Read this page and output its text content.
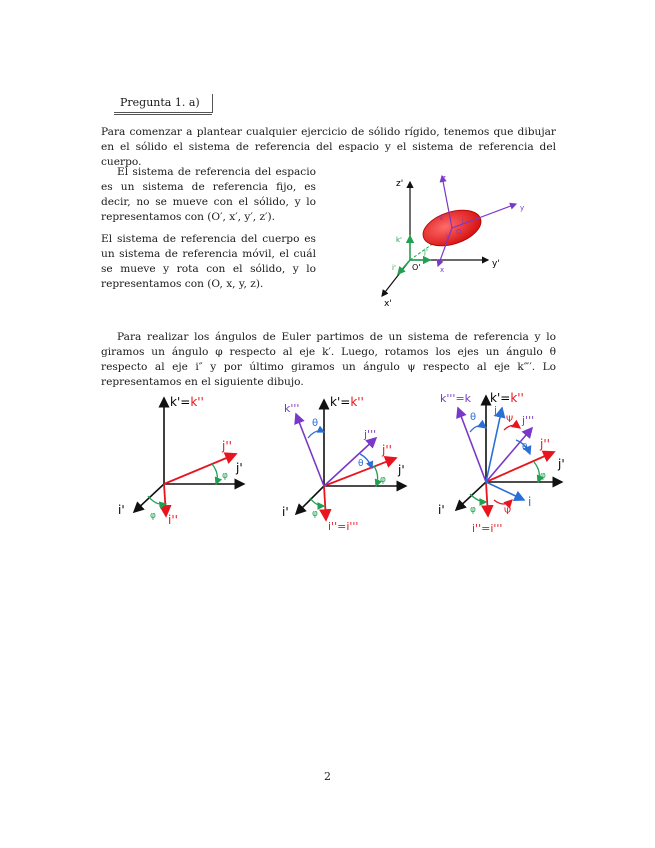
Pregunta 1. a)
Para comenzar a plantear cualquier ejercicio de sólido rígido, tenemos que dibujar en el sólido el sistema de referencia del espacio y el sistema de referencia del cuerpo.
El sistema de referencia del espacio es un sistema de referencia fijo, es decir, no se mueve con el sólido, y lo representamos con (O′, x′, y′, z′).
El sistema de referencia del cuerpo es un sistema de referencia móvil, el cuál se mueve y rota con el sólido, y lo representamos con (O, x, y, z).
Para realizar los ángulos de Euler partimos de un sistema de referencia y lo giramos un ángulo φ respecto al eje k′. Luego, rotamos los ejes un ángulo θ respecto al eje i″ y por último giramos un ángulo ψ respecto al eje k‴′. Lo representamos en el siguiente dibujo.
z'
y'
x'
k'
j'
i' O'
O
z
y
x
k	j
i
k'=k''
j''
j'
φ
φ
i'
i''
k'''
θ
k'=k''
j'''
θ
j''
j'
φ
φ
i'
i''=i'''
k'''=k
θ
k'=k''
j
j'''
Ψ
j''
θ
j'
φ
φ
i'
i
Ψ
i''=i'''
2
